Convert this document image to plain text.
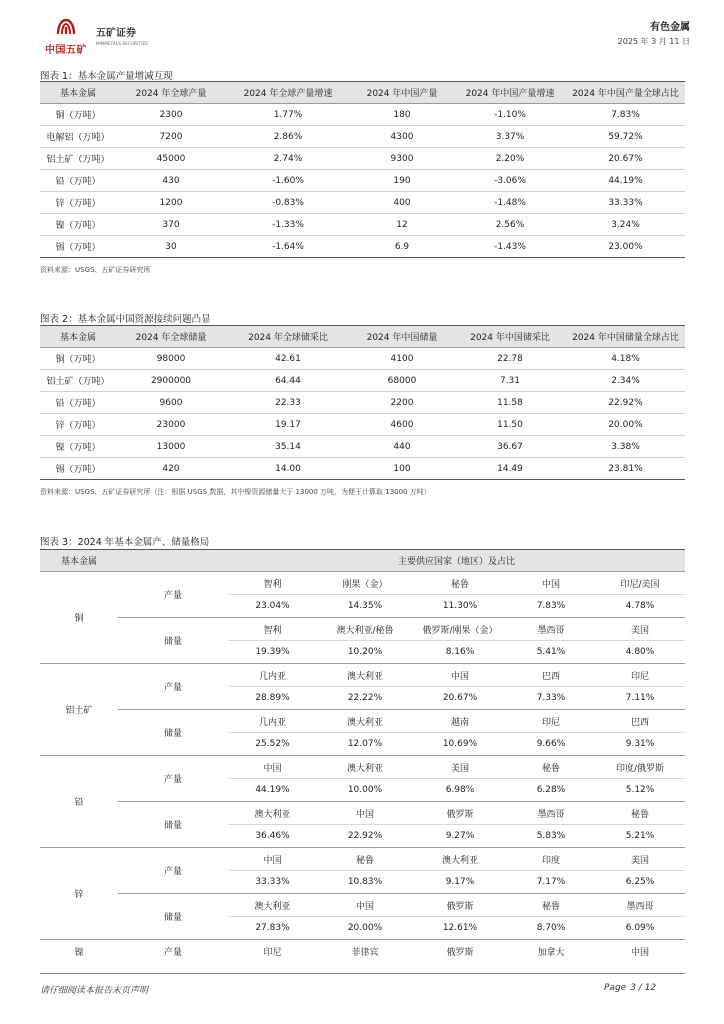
中国五矿
五矿证券
MINMETALS SECURITIES
有色金属
2025 年 3 月 11 日
图表 1：基本金属产量增减互现
基本金属	2024 年全球产量	2024 年全球产量增速	2024 年中国产量	2024 年中国产量增速	2024 年中国产量全球占比
铜（万吨）	2300	1.77%	180	-1.10%	7.83%
电解铝（万吨）	7200	2.86%	4300	3.37%	59.72%
铝土矿（万吨）	45000	2.74%	9300	2.20%	20.67%
铅（万吨）	430	-1.60%	190	-3.06%	44.19%
锌（万吨）	1200	-0.83%	400	-1.48%	33.33%
镍（万吨）	370	-1.33%	12	2.56%	3.24%
锡（万吨）	30	-1.64%	6.9	-1.43%	23.00%
资料来源：USGS、五矿证券研究所
图表 2：基本金属中国资源接续问题凸显
基本金属	2024 年全球储量	2024 年全球储采比	2024 年中国储量	2024 年中国储采比	2024 年中国储量全球占比
铜（万吨）	98000	42.61	4100	22.78	4.18%
铝土矿（万吨）	2900000	64.44	68000	7.31	2.34%
铅（万吨）	9600	22.33	2200	11.58	22.92%
锌（万吨）	23000	19.17	4600	11.50	20.00%
镍（万吨）	13000	35.14	440	36.67	3.38%
锡（万吨）	420	14.00	100	14.49	23.81%
资料来源：USGS、五矿证券研究所（注：根据 USGS 数据，其中镍资源储量大于 13000 万吨，为便于计算取 13000 万吨）
图表 3：2024 年基本金属产、储量格局
基本金属		主要供应国家（地区）及占比				
铜	产量	智利	刚果（金）	秘鲁	中国	印尼/美国
		23.04%	14.35%	11.30%	7.83%	4.78%
	储量	智利	澳大利亚/秘鲁	俄罗斯/刚果（金）	墨西哥	美国
		19.39%	10.20%	8.16%	5.41%	4.80%
铝土矿	产量	几内亚	澳大利亚	中国	巴西	印尼
		28.89%	22.22%	20.67%	7.33%	7.11%
	储量	几内亚	澳大利亚	越南	印尼	巴西
		25.52%	12.07%	10.69%	9.66%	9.31%
铅	产量	中国	澳大利亚	美国	秘鲁	印度/俄罗斯
		44.19%	10.00%	6.98%	6.28%	5.12%
	储量	澳大利亚	中国	俄罗斯	墨西哥	秘鲁
		36.46%	22.92%	9.27%	5.83%	5.21%
锌	产量	中国	秘鲁	澳大利亚	印度	美国
		33.33%	10.83%	9.17%	7.17%	6.25%
	储量	澳大利亚	中国	俄罗斯	秘鲁	墨西哥
		27.83%	20.00%	12.61%	8.70%	6.09%
镍	产量	印尼	菲律宾	俄罗斯	加拿大	中国
请仔细阅读本报告末页声明	Page 3 / 12
